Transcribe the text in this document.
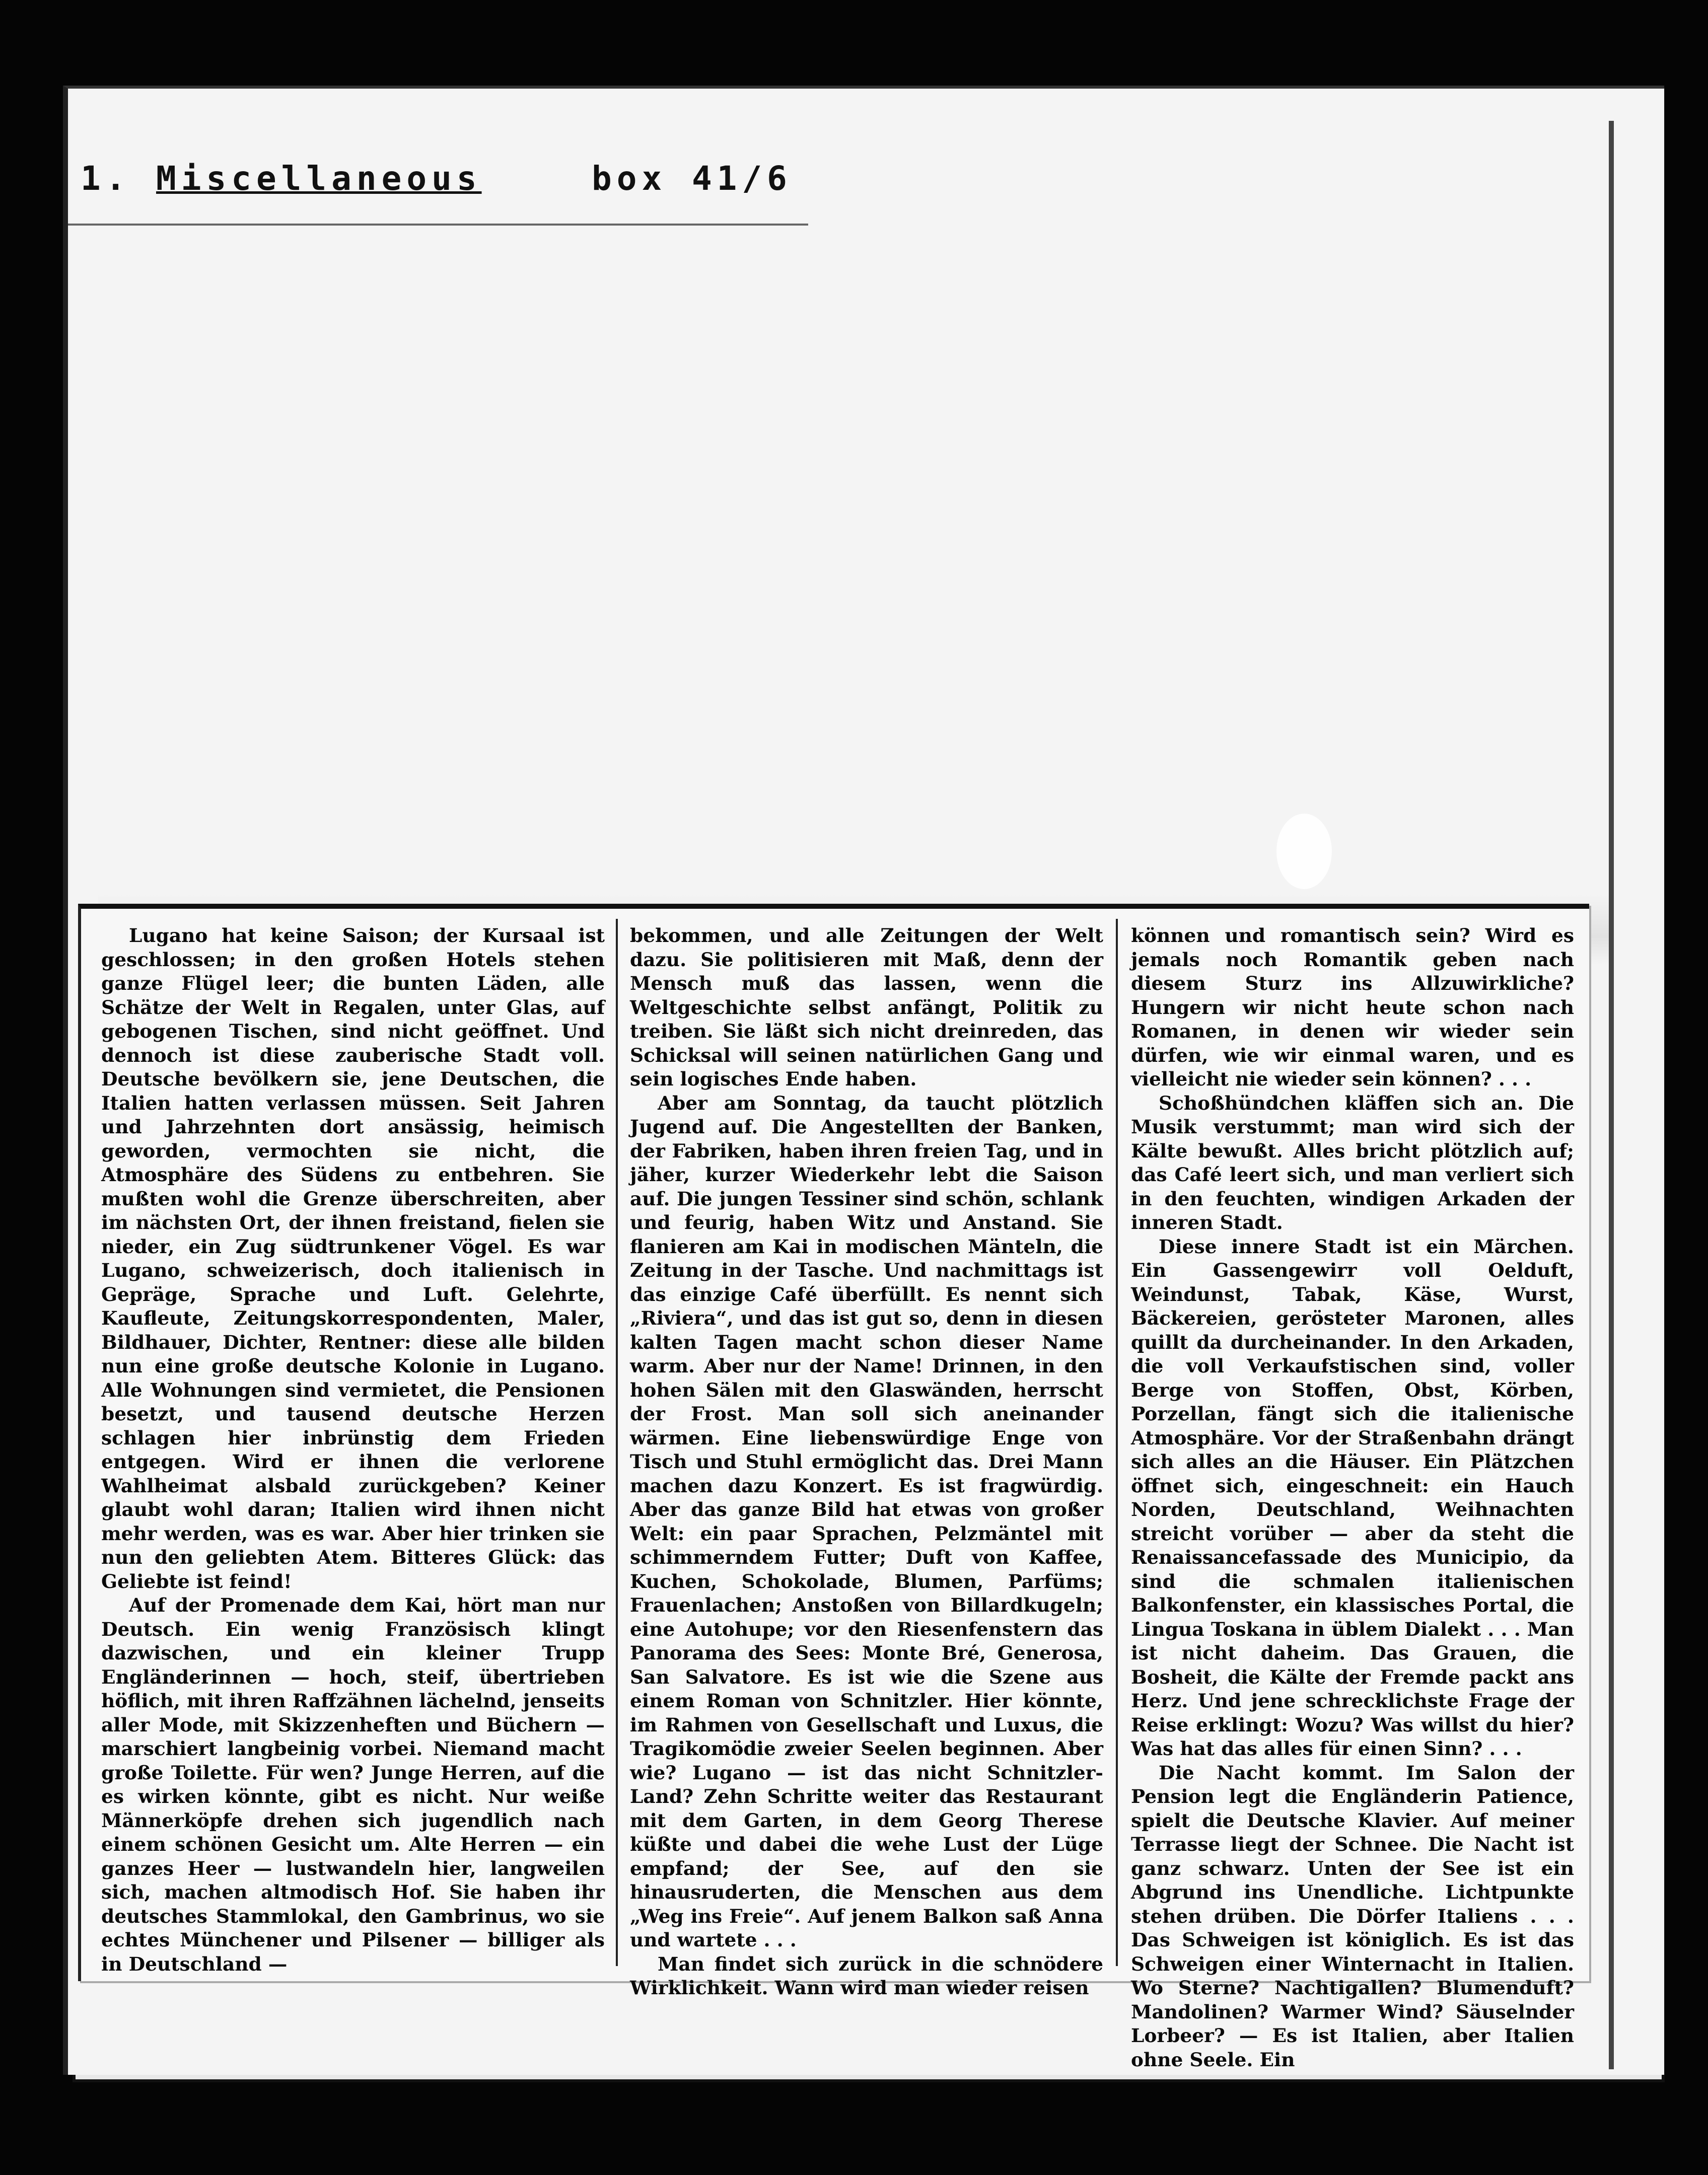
1. Miscellaneous	box 41/6

Lugano hat keine Saison; der Kursaal ist geschlossen; in den großen Hotels stehen ganze Flügel leer; die bunten Läden, alle Schätze der Welt in Regalen, unter Glas, auf gebogenen Tischen, sind nicht geöffnet. Und dennoch ist diese zauberische Stadt voll. Deutsche bevölkern sie, jene Deutschen, die Italien hatten verlassen müssen. Seit Jahren und Jahrzehnten dort ansässig, heimisch geworden, vermochten sie nicht, die Atmosphäre des Südens zu entbehren. Sie mußten wohl die Grenze überschreiten, aber im nächsten Ort, der ihnen freistand, fielen sie nieder, ein Zug südtrunkener Vögel. Es war Lugano, schweizerisch, doch italienisch in Gepräge, Sprache und Luft. Gelehrte, Kaufleute, Zeitungskorrespondenten, Maler, Bildhauer, Dichter, Rentner: diese alle bilden nun eine große deutsche Kolonie in Lugano. Alle Wohnungen sind vermietet, die Pensionen besetzt, und tausend deutsche Herzen schlagen hier inbrünstig dem Frieden entgegen. Wird er ihnen die verlorene Wahlheimat alsbald zurückgeben? Keiner glaubt wohl daran; Italien wird ihnen nicht mehr werden, was es war. Aber hier trinken sie nun den geliebten Atem. Bitteres Glück: das Geliebte ist feind!

Auf der Promenade dem Kai, hört man nur Deutsch. Ein wenig Französisch klingt dazwischen, und ein kleiner Trupp Engländerinnen — hoch, steif, übertrieben höflich, mit ihren Raffzähnen lächelnd, jenseits aller Mode, mit Skizzenheften und Büchern — marschiert langbeinig vorbei. Niemand macht große Toilette. Für wen? Junge Herren, auf die es wirken könnte, gibt es nicht. Nur weiße Männerköpfe drehen sich jugendlich nach einem schönen Gesicht um. Alte Herren — ein ganzes Heer — lustwandeln hier, langweilen sich, machen altmodisch Hof. Sie haben ihr deutsches Stammlokal, den Gambrinus, wo sie echtes Münchener und Pilsener — billiger als in Deutschland —

bekommen, und alle Zeitungen der Welt dazu. Sie politisieren mit Maß, denn der Mensch muß das lassen, wenn die Weltgeschichte selbst anfängt, Politik zu treiben. Sie läßt sich nicht dreinreden, das Schicksal will seinen natürlichen Gang und sein logisches Ende haben.

Aber am Sonntag, da taucht plötzlich Jugend auf. Die Angestellten der Banken, der Fabriken, haben ihren freien Tag, und in jäher, kurzer Wiederkehr lebt die Saison auf. Die jungen Tessiner sind schön, schlank und feurig, haben Witz und Anstand. Sie flanieren am Kai in modischen Mänteln, die Zeitung in der Tasche. Und nachmittags ist das einzige Café überfüllt. Es nennt sich „Riviera“, und das ist gut so, denn in diesen kalten Tagen macht schon dieser Name warm. Aber nur der Name! Drinnen, in den hohen Sälen mit den Glaswänden, herrscht der Frost. Man soll sich aneinander wärmen. Eine liebenswürdige Enge von Tisch und Stuhl ermöglicht das. Drei Mann machen dazu Konzert. Es ist fragwürdig. Aber das ganze Bild hat etwas von großer Welt: ein paar Sprachen, Pelzmäntel mit schimmerndem Futter; Duft von Kaffee, Kuchen, Schokolade, Blumen, Parfüms; Frauenlachen; Anstoßen von Billardkugeln; eine Autohupe; vor den Riesenfenstern das Panorama des Sees: Monte Bré, Generosa, San Salvatore. Es ist wie die Szene aus einem Roman von Schnitzler. Hier könnte, im Rahmen von Gesellschaft und Luxus, die Tragikomödie zweier Seelen beginnen. Aber wie? Lugano — ist das nicht Schnitzler-Land? Zehn Schritte weiter das Restaurant mit dem Garten, in dem Georg Therese küßte und dabei die wehe Lust der Lüge empfand; der See, auf den sie hinausruderten, die Menschen aus dem „Weg ins Freie“. Auf jenem Balkon saß Anna und wartete . . .

Man findet sich zurück in die schnödere Wirklichkeit. Wann wird man wieder reisen

können und romantisch sein? Wird es jemals noch Romantik geben nach diesem Sturz ins Allzuwirkliche? Hungern wir nicht heute schon nach Romanen, in denen wir wieder sein dürfen, wie wir einmal waren, und es vielleicht nie wieder sein können? . . .

Schoßhündchen kläffen sich an. Die Musik verstummt; man wird sich der Kälte bewußt. Alles bricht plötzlich auf; das Café leert sich, und man verliert sich in den feuchten, windigen Arkaden der inneren Stadt.

Diese innere Stadt ist ein Märchen. Ein Gassengewirr voll Oelduft, Weindunst, Tabak, Käse, Wurst, Bäckereien, gerösteter Maronen, alles quillt da durcheinander. In den Arkaden, die voll Verkaufstischen sind, voller Berge von Stoffen, Obst, Körben, Porzellan, fängt sich die italienische Atmosphäre. Vor der Straßenbahn drängt sich alles an die Häuser. Ein Plätzchen öffnet sich, eingeschneit: ein Hauch Norden, Deutschland, Weihnachten streicht vorüber — aber da steht die Renaissancefassade des Municipio, da sind die schmalen italienischen Balkonfenster, ein klassisches Portal, die Lingua Toskana in üblem Dialekt . . . Man ist nicht daheim. Das Grauen, die Bosheit, die Kälte der Fremde packt ans Herz. Und jene schrecklichste Frage der Reise erklingt: Wozu? Was willst du hier? Was hat das alles für einen Sinn? . . .

Die Nacht kommt. Im Salon der Pension legt die Engländerin Patience, spielt die Deutsche Klavier. Auf meiner Terrasse liegt der Schnee. Die Nacht ist ganz schwarz. Unten der See ist ein Abgrund ins Unendliche. Lichtpunkte stehen drüben. Die Dörfer Italiens . . . Das Schweigen ist königlich. Es ist das Schweigen einer Winternacht in Italien. Wo Sterne? Nachtigallen? Blumenduft? Mandolinen? Warmer Wind? Säuselnder Lorbeer? — Es ist Italien, aber Italien ohne Seele. Ein
